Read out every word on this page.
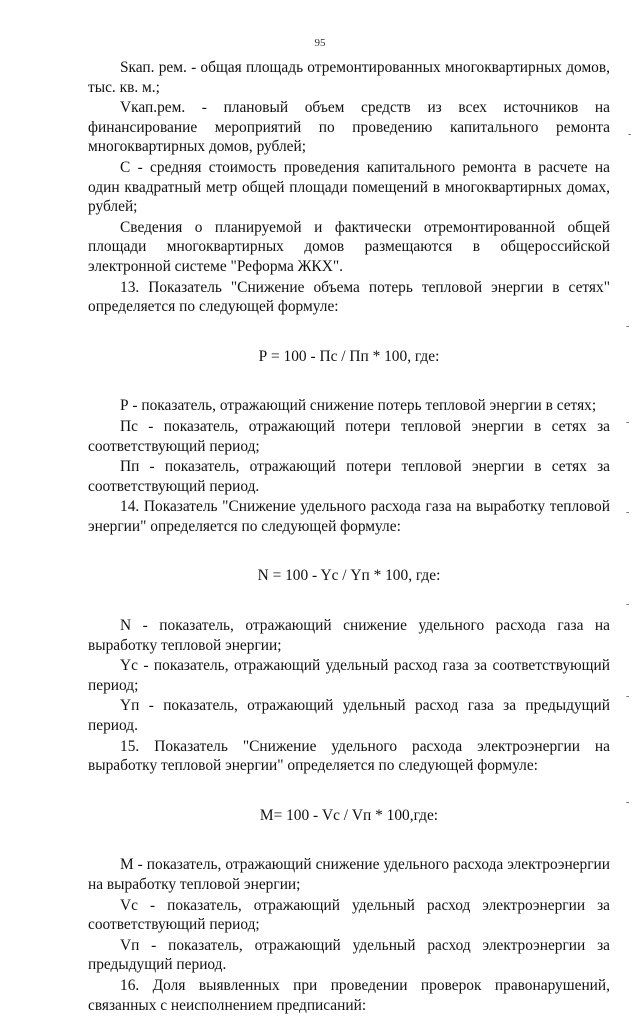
95
-
-
-
-
-
-
-

Sкап. рем. - общая площадь отремонтированных многоквартирных домов, тыс. кв. м.;

Vкап.рем. - плановый объем средств из всех источников на финансирование мероприятий по проведению капитального ремонта многоквартирных домов, рублей;

С - средняя стоимость проведения капитального ремонта в расчете на один квадратный метр общей площади помещений в многоквартирных домах, рублей;

Сведения о планируемой и фактически отремонтированной общей площади многоквартирных домов размещаются в общероссийской электронной системе "Реформа ЖКХ".

13. Показатель "Снижение объема потерь тепловой энергии в сетях" определяется по следующей формуле:

Р = 100 - Пс / Пп * 100, где:

Р - показатель, отражающий снижение потерь тепловой энергии в сетях;

Пс - показатель, отражающий потери тепловой энергии в сетях за соответствующий период;

Пп - показатель, отражающий потери тепловой энергии в сетях за соответствующий период.

14. Показатель "Снижение удельного расхода газа на выработку тепловой энергии" определяется по следующей формуле:

N = 100 - Yс / Yп * 100, где:

N - показатель, отражающий снижение удельного расхода газа на выработку тепловой энергии;

Yс - показатель, отражающий удельный расход газа за соответствующий период;

Yп - показатель, отражающий удельный расход газа за предыдущий период.

15. Показатель "Снижение удельного расхода электроэнергии на выработку тепловой энергии" определяется по следующей формуле:

М= 100 - Vс / Vп * 100,где:

М - показатель, отражающий снижение удельного расхода электроэнергии на выработку тепловой энергии;

Vс - показатель, отражающий удельный расход электроэнергии за соответствующий период;

Vп - показатель, отражающий удельный расход электроэнергии за предыдущий период.

16. Доля выявленных при проведении проверок правонарушений, связанных с неисполнением предписаний:
